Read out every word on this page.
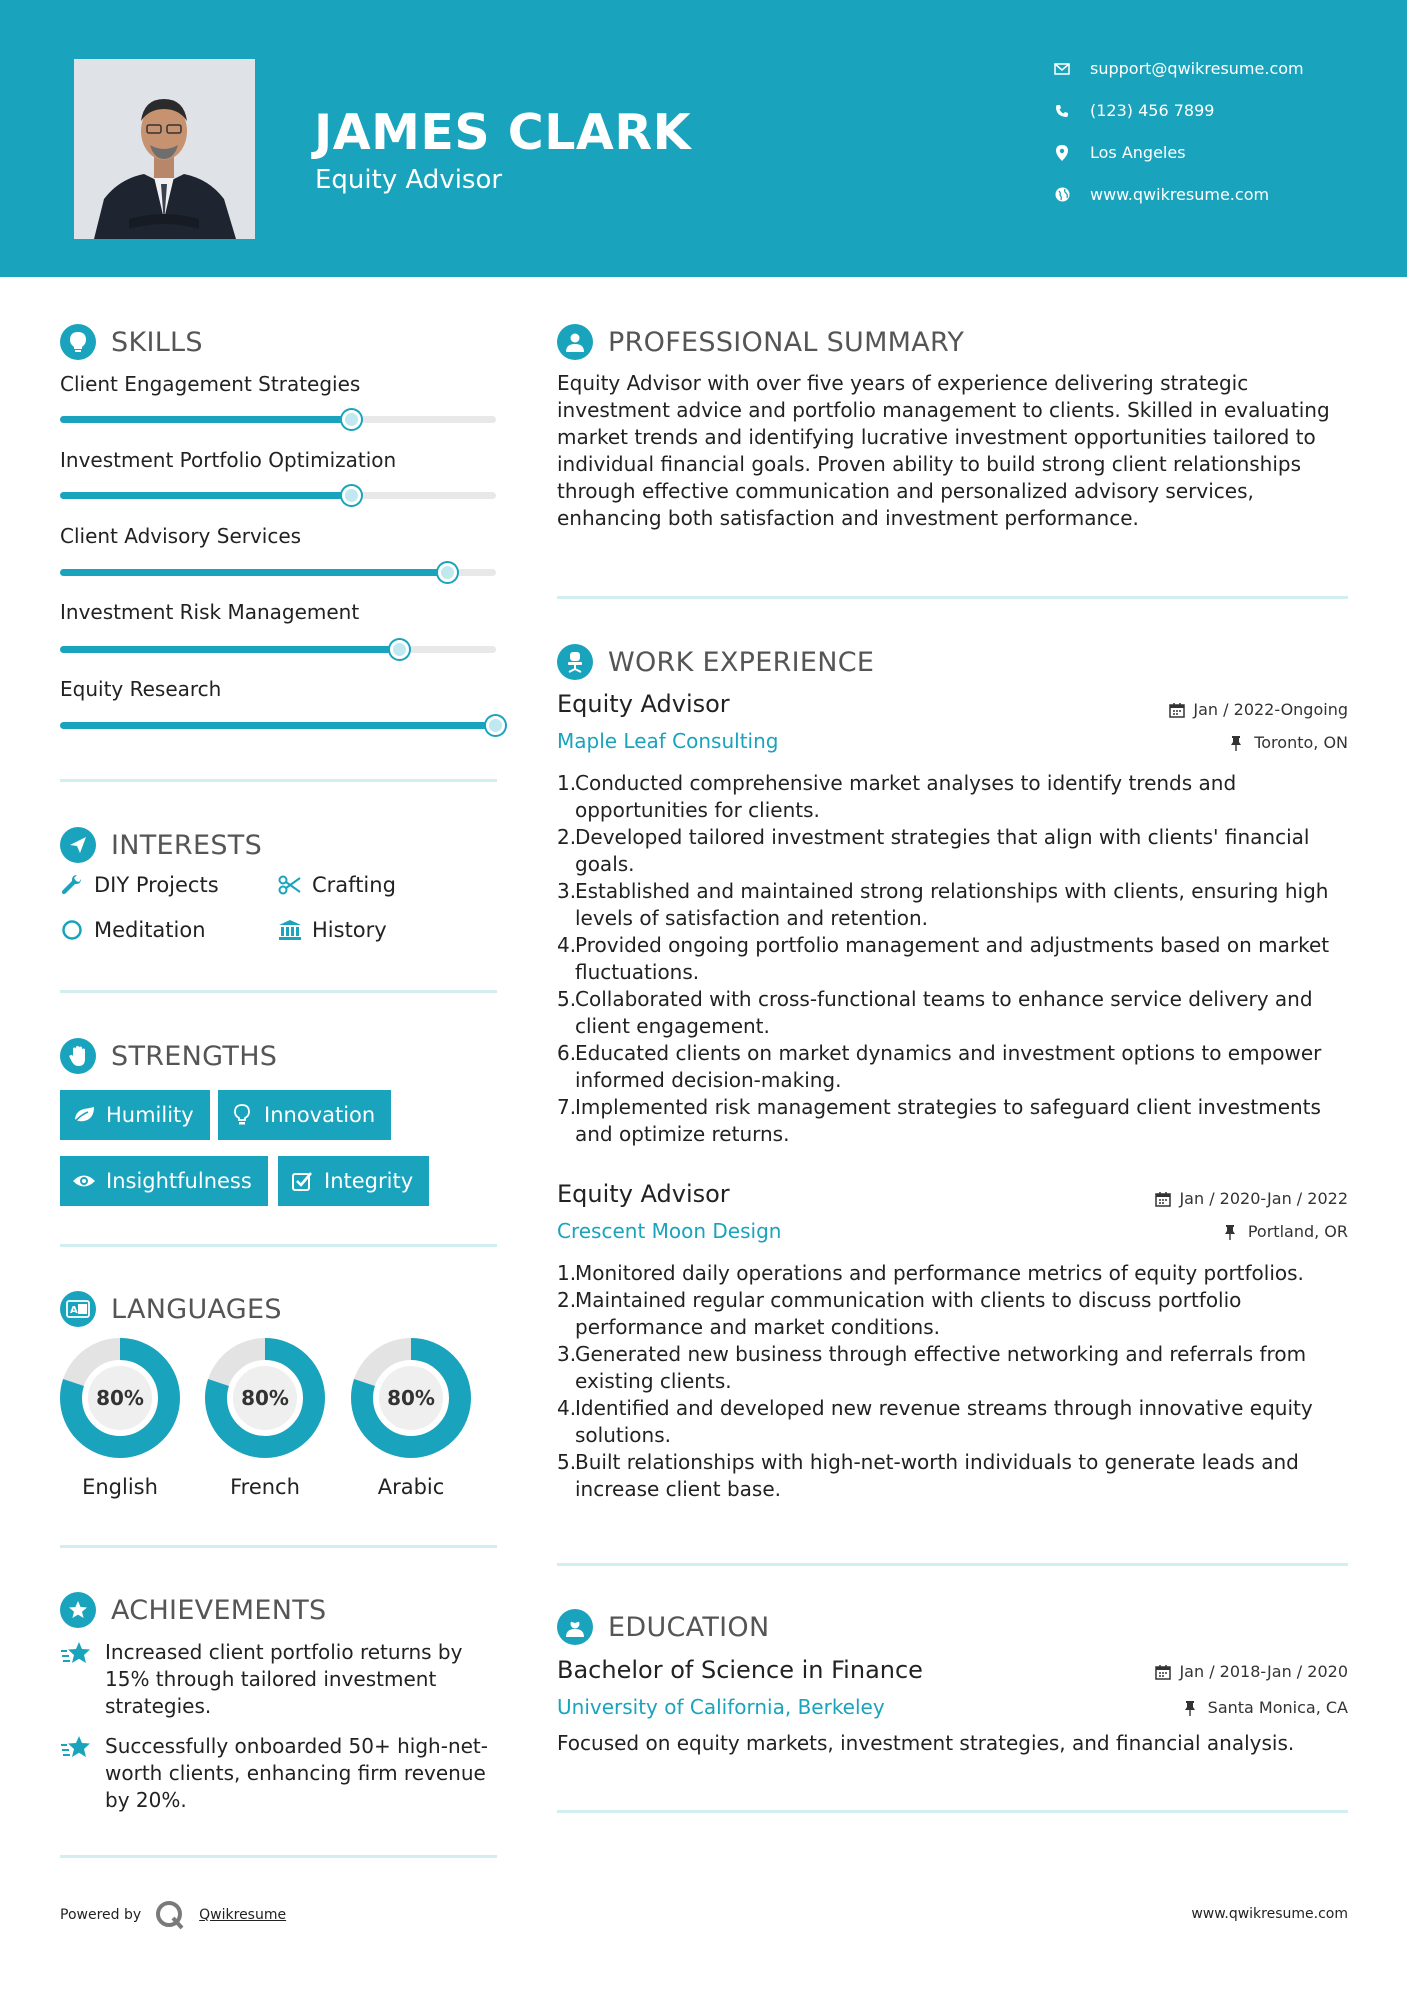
JAMES CLARK
Equity Advisor
support@qwikresume.com
(123) 456 7899
Los Angeles
www.qwikresume.com
SKILLS
Client Engagement Strategies
Investment Portfolio Optimization
Client Advisory Services
Investment Risk Management
Equity Research
INTERESTS
DIY Projects	Crafting
Meditation	History
STRENGTHS
Humility	Innovation
Insightfulness	Integrity
A LANGUAGES
80%
English
80%
French
80%
Arabic
ACHIEVEMENTS
Increased client portfolio returns by 15% through tailored investment strategies.
Successfully onboarded 50+ high-net-worth clients, enhancing firm revenue by 20%.
PROFESSIONAL SUMMARY
Equity Advisor with over five years of experience delivering strategic investment advice and portfolio management to clients. Skilled in evaluating market trends and identifying lucrative investment opportunities tailored to individual financial goals. Proven ability to build strong client relationships through effective communication and personalized advisory services, enhancing both satisfaction and investment performance.
WORK EXPERIENCE
Equity Advisor	Jan / 2022-Ongoing
Maple Leaf Consulting	Toronto, ON
1.
Conducted comprehensive market analyses to identify trends and opportunities for clients.
2.
Developed tailored investment strategies that align with clients' financial goals.
3.
Established and maintained strong relationships with clients, ensuring high levels of satisfaction and retention.
4.
Provided ongoing portfolio management and adjustments based on market fluctuations.
5.
Collaborated with cross-functional teams to enhance service delivery and client engagement.
6.
Educated clients on market dynamics and investment options to empower informed decision-making.
7.
Implemented risk management strategies to safeguard client investments and optimize returns.
Equity Advisor	Jan / 2020-Jan / 2022
Crescent Moon Design	Portland, OR
1.
Monitored daily operations and performance metrics of equity portfolios.
2.
Maintained regular communication with clients to discuss portfolio performance and market conditions.
3.
Generated new business through effective networking and referrals from existing clients.
4.
Identified and developed new revenue streams through innovative equity solutions.
5.
Built relationships with high-net-worth individuals to generate leads and increase client base.
EDUCATION
Bachelor of Science in Finance	Jan / 2018-Jan / 2020
University of California, Berkeley	Santa Monica, CA
Focused on equity markets, investment strategies, and financial analysis.
Powered by	Qwikresume	www.qwikresume.com
